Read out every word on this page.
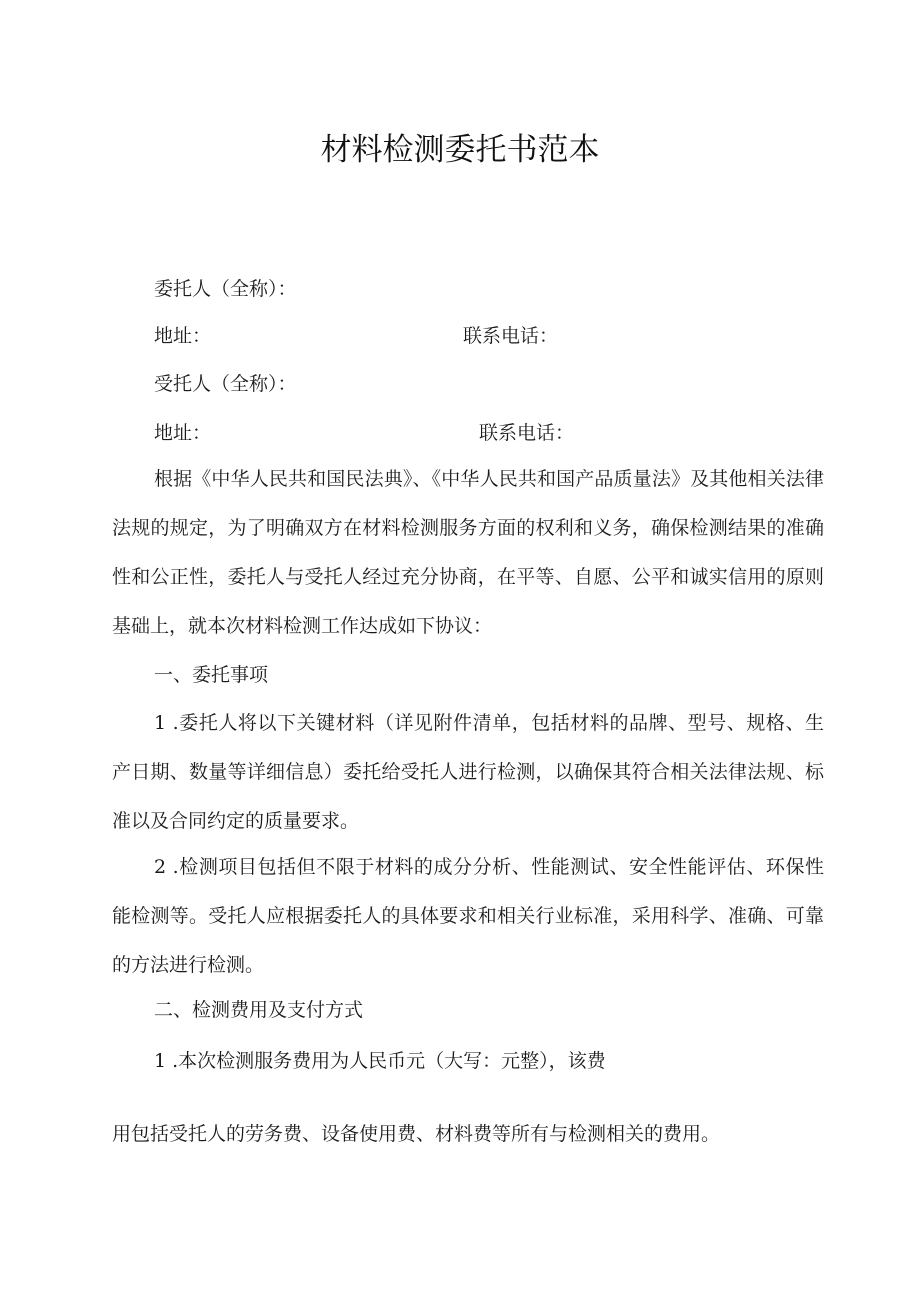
材料检测委托书范本
委托人（全称）：
地址：	联系电话：
受托人（全称）：
地址：	联系电话：
根据《中华人民共和国民法典》、《中华人民共和国产品质量法》及其他相关法律法规的规定，为了明确双方在材料检测服务方面的权利和义务，确保检测结果的准确性和公正性，委托人与受托人经过充分协商，在平等、自愿、公平和诚实信用的原则基础上，就本次材料检测工作达成如下协议：
一、委托事项
1 .委托人将以下关键材料（详见附件清单，包括材料的品牌、型号、规格、生产日期、数量等详细信息）委托给受托人进行检测，以确保其符合相关法律法规、标准以及合同约定的质量要求。
2 .检测项目包括但不限于材料的成分分析、性能测试、安全性能评估、环保性能检测等。受托人应根据委托人的具体要求和相关行业标准，采用科学、准确、可靠的方法进行检测。
二、检测费用及支付方式
1 .本次检测服务费用为人民币元（大写：元整），该费
用包括受托人的劳务费、设备使用费、材料费等所有与检测相关的费用。
